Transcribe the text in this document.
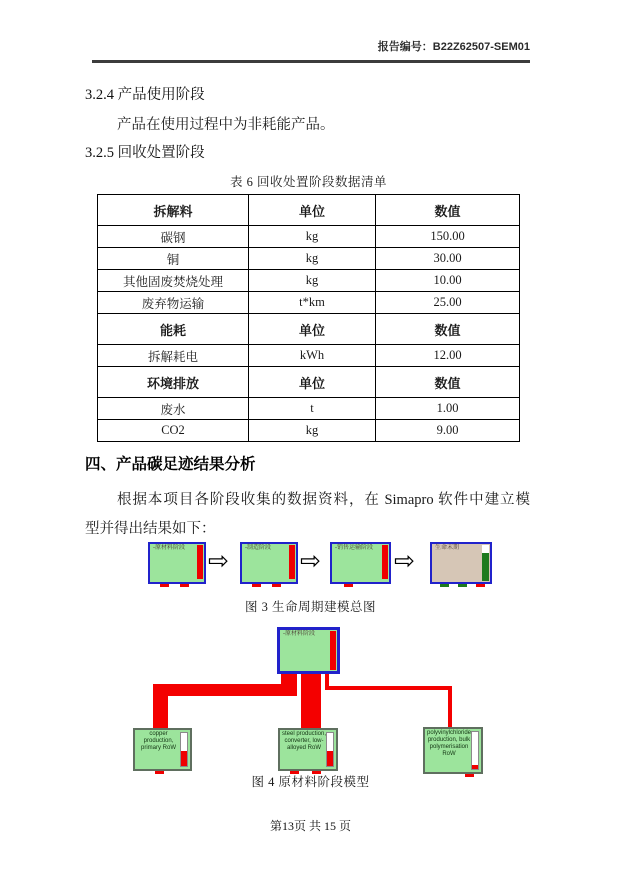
报告编号：B22Z62507-SEM01
3.2.4 产品使用阶段
产品在使用过程中为非耗能产品。
3.2.5 回收处置阶段
表 6 回收处置阶段数据清单
拆解料	单位	数值
碳钢	kg	150.00
铜	kg	30.00
其他固废焚烧处理	kg	10.00
废弃物运输	t*km	25.00
能耗	单位	数值
拆解耗电	kWh	12.00
环境排放	单位	数值
废水	t	1.00
CO2	kg	9.00
四、产品碳足迹结果分析
根据本项目各阶段收集的数据资料，在 Simapro 软件中建立模
型并得出结果如下：
-原材料阶段 ⇨	-制造阶段	⇨ -销售运输阶段 ⇨	生命末期
图 3 生命周期建模总图
-原材料阶段
copper production, primary RoW
steel production, converter, low-alloyed RoW
polyvinylchloride production, bulk polymerisation RoW
图 4 原材料阶段模型
第13页 共 15 页
